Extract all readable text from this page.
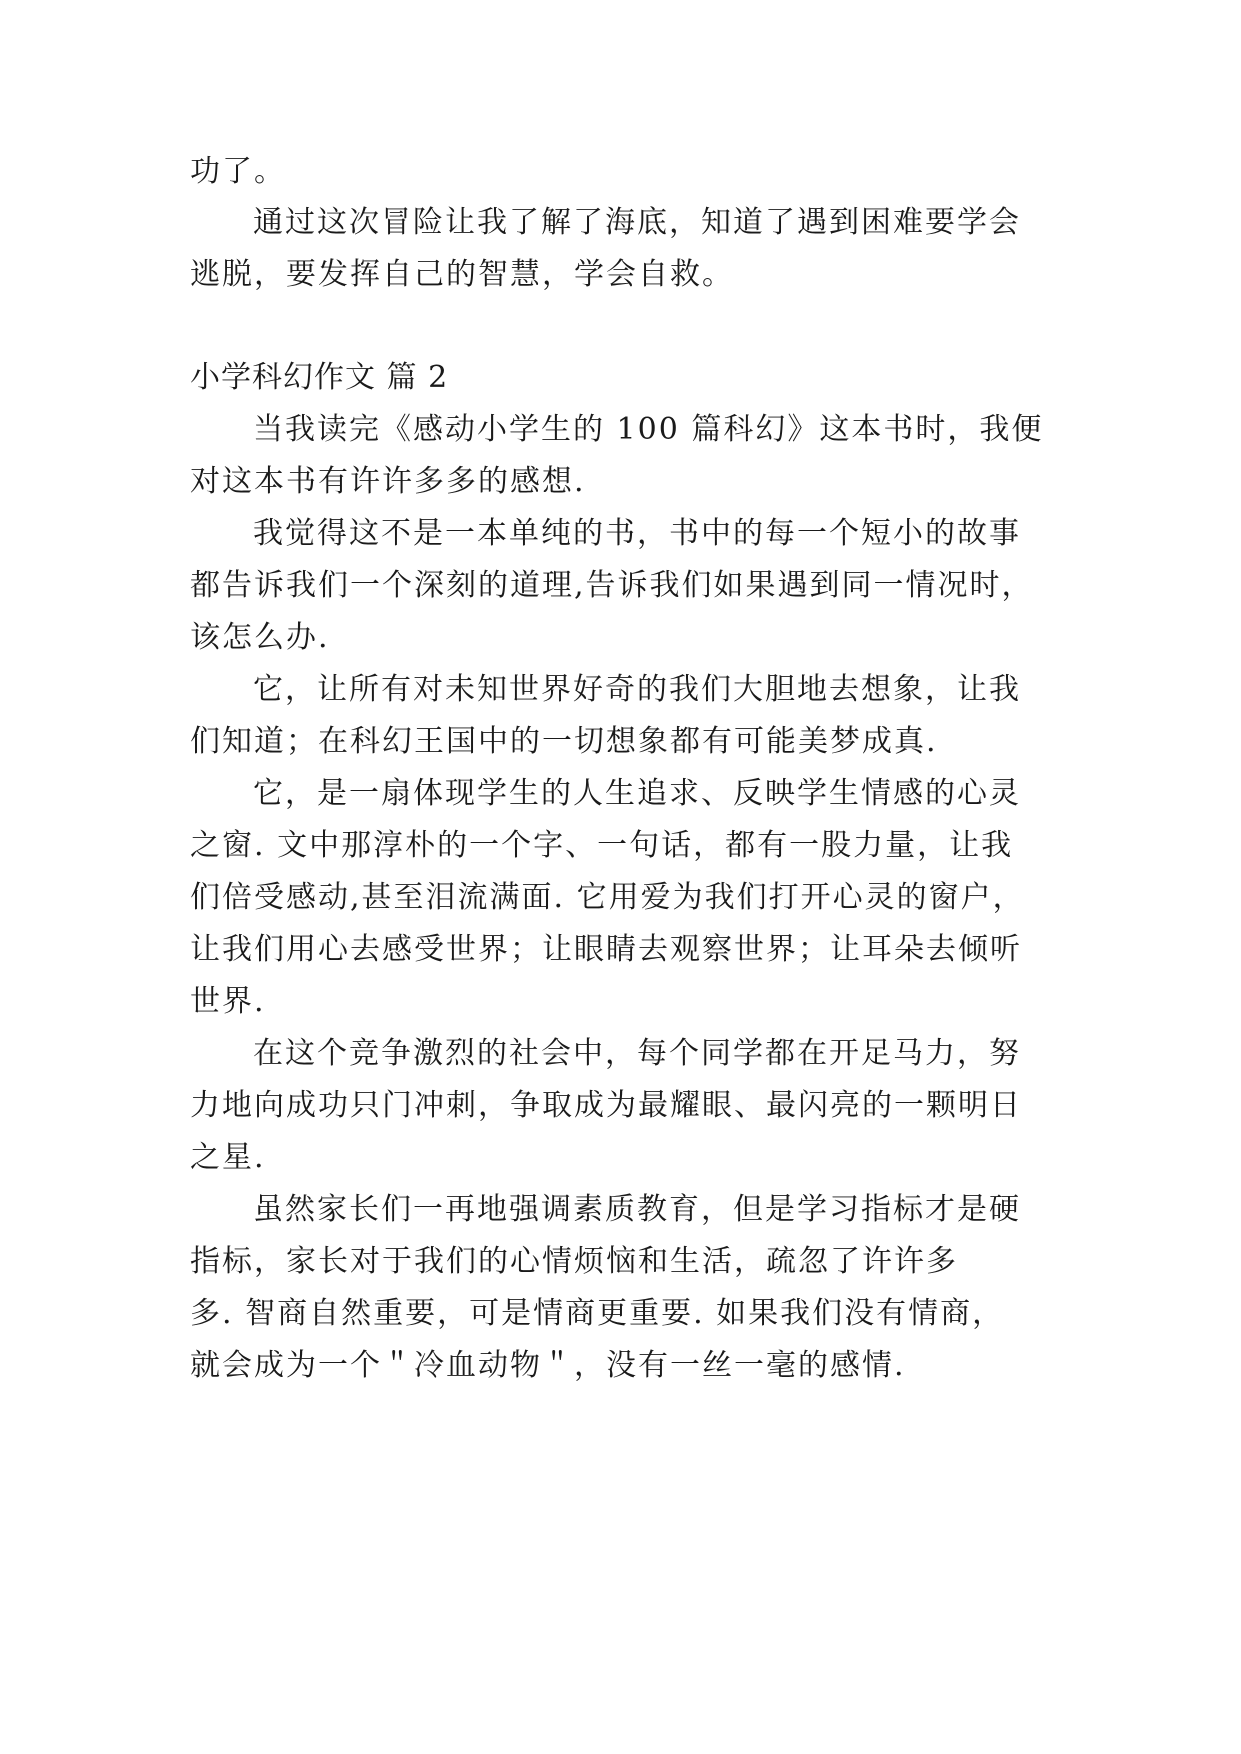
功了。
通过这次冒险让我了解了海底，知道了遇到困难要学会
逃脱，要发挥自己的智慧，学会自救。
小学科幻作文 篇 2
当我读完《感动小学生的 100 篇科幻》这本书时，我便
对这本书有许许多多的感想.
我觉得这不是一本单纯的书，书中的每一个短小的故事
都告诉我们一个深刻的道理,告诉我们如果遇到同一情况时，
该怎么办.
它，让所有对未知世界好奇的我们大胆地去想象，让我
们知道；在科幻王国中的一切想象都有可能美梦成真.
它，是一扇体现学生的人生追求、反映学生情感的心灵
之窗. 文中那淳朴的一个字、一句话，都有一股力量，让我
们倍受感动,甚至泪流满面. 它用爱为我们打开心灵的窗户，
让我们用心去感受世界；让眼睛去观察世界；让耳朵去倾听
世界.
在这个竞争激烈的社会中，每个同学都在开足马力，努
力地向成功只门冲刺，争取成为最耀眼、最闪亮的一颗明日
之星.
虽然家长们一再地强调素质教育，但是学习指标才是硬
指标，家长对于我们的心情烦恼和生活，疏忽了许许多
多. 智商自然重要，可是情商更重要. 如果我们没有情商，
就会成为一个＂冷血动物＂，没有一丝一毫的感情.
